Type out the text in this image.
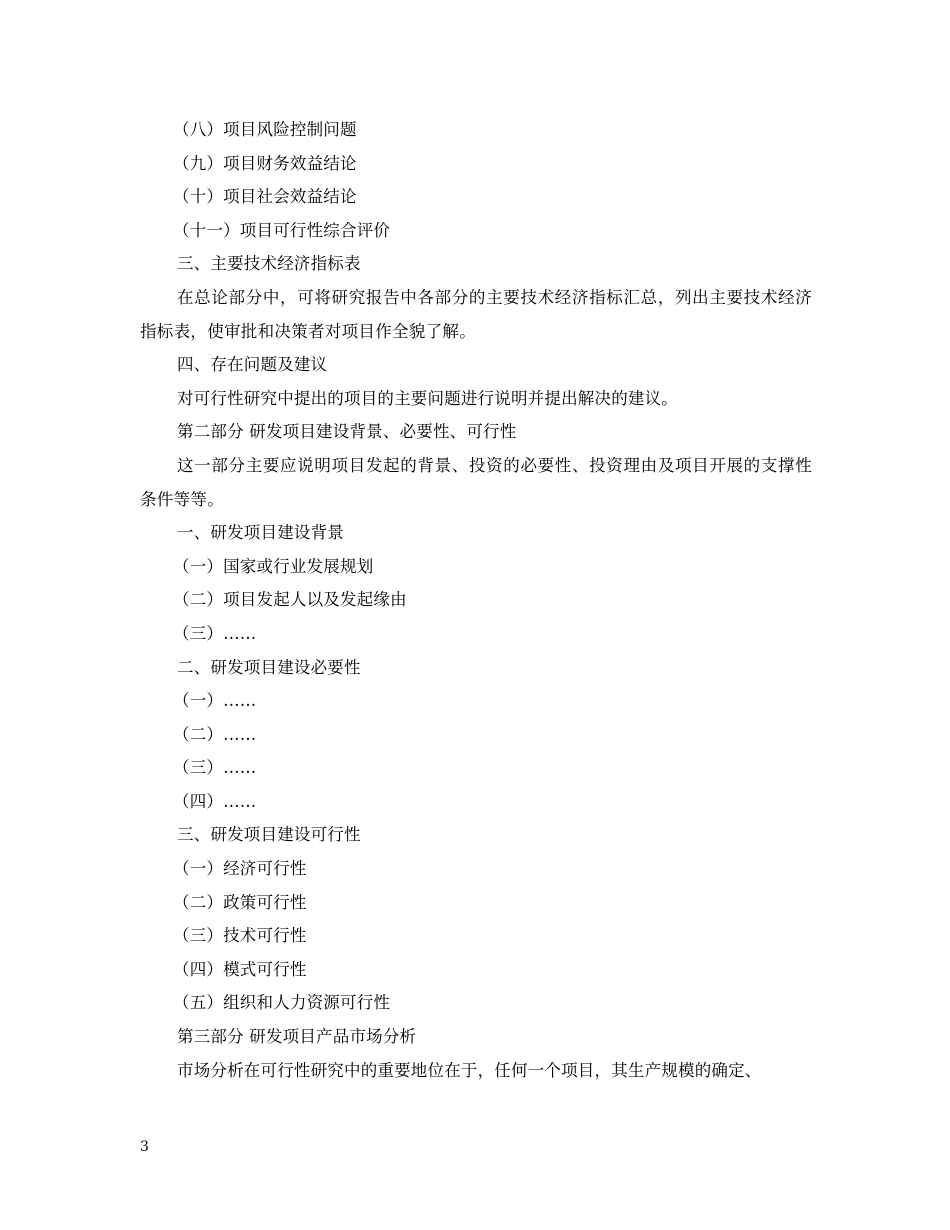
（八）项目风险控制问题
（九）项目财务效益结论
（十）项目社会效益结论
（十一）项目可行性综合评价
三、主要技术经济指标表
在总论部分中，可将研究报告中各部分的主要技术经济指标汇总，列出主要技术经济指标表，使审批和决策者对项目作全貌了解。
四、存在问题及建议
对可行性研究中提出的项目的主要问题进行说明并提出解决的建议。
第二部分 研发项目建设背景、必要性、可行性
这一部分主要应说明项目发起的背景、投资的必要性、投资理由及项目开展的支撑性条件等等。
一、研发项目建设背景
（一）国家或行业发展规划
（二）项目发起人以及发起缘由
（三）……
二、研发项目建设必要性
（一）……
（二）……
（三）……
（四）……
三、研发项目建设可行性
（一）经济可行性
（二）政策可行性
（三）技术可行性
（四）模式可行性
（五）组织和人力资源可行性
第三部分 研发项目产品市场分析
市场分析在可行性研究中的重要地位在于，任何一个项目，其生产规模的确定、
3
